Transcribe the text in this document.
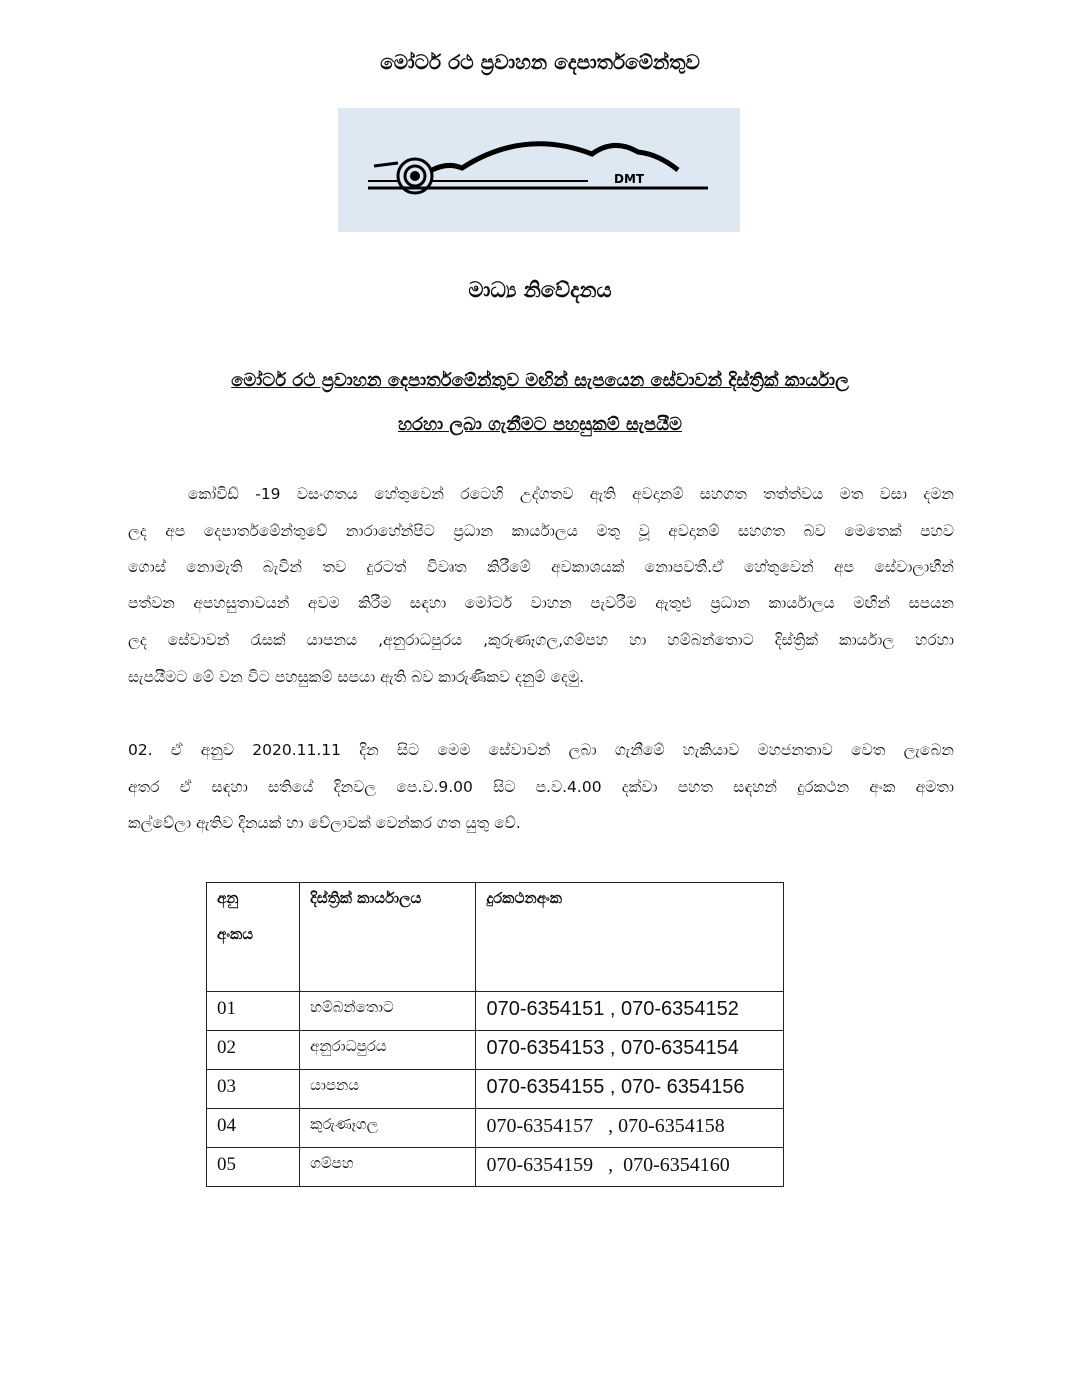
මෝටර් රථ ප්‍රවාහන දෙපාර්තමේන්තුව
DMT
මාධ්‍ය නිවේදනය
මෝටර් රථ ප්‍රවාහන දෙපාර්තමේන්තුව මඟින් සැපයෙන සේවාවන් දිස්ත්‍රික් කාර්යාල
හරහා ලබා ගැනීමට පහසුකම් සැපයීම
කෝවිඩ් -19 වසංගතය හේතුවෙන් රටෙහි උද්ගතව ඇති අවදානම් සහගත තත්ත්වය මත වසා දමන
ලද අප දෙපාර්තමේන්තුවේ නාරාහේන්පිට ප්‍රධාන කාර්යාලය මතු වූ අවදානම් සහගත බව මෙතෙක් පහව
ගොස් නොමැති බැවින් තව දුරටත් විවෘත කිරීමේ අවකාශයක් නොපවතී.ඒ හේතුවෙන් අප සේවාලාභීන්
පත්වන අපහසුතාවයන් අවම කිරීම සඳහා මෝටර් වාහන පැවරීම ඇතුළු ප්‍රධාන කාර්යාලය මඟින් සපයන
ලද සේවාවන් රැසක් යාපනය ,අනුරාධපුරය ,කුරුණෑගල,ගම්පහ හා හම්බන්තොට දිස්ත්‍රික් කාර්යාල හරහා
සැපයීමට මේ වන විට පහසුකම් සපයා ඇති බව කාරුණිකව දනුම් දෙමු.
02. ඒ අනුව 2020.11.11 දින සිට මෙම සේවාවන් ලබා ගැනීමේ හැකියාව මහජනතාව වෙත ලැබෙන
අතර ඒ සඳහා සතියේ දිනවල පෙ.ව.9.00 සිට ප.ව.4.00 දක්වා පහත සඳහන් දුරකථන අංක අමතා
කල්වේලා ඇතිව දිනයක් හා වේලාවක් වෙන්කර ගත යුතු වේ.
අනු
අංකය	දිස්ත්‍රික් කාර්යාලය	දුරකථනඅංක
01	හම්බන්තොට	070-6354151 , 070-6354152
02	අනුරාධපුරය	070-6354153 , 070-6354154
03	යාපනය	070-6354155 , 070- 6354156
04	කුරුණෑගල	070-6354157   , 070-6354158
05	ගම්පහ	070-6354159   ,  070-6354160
